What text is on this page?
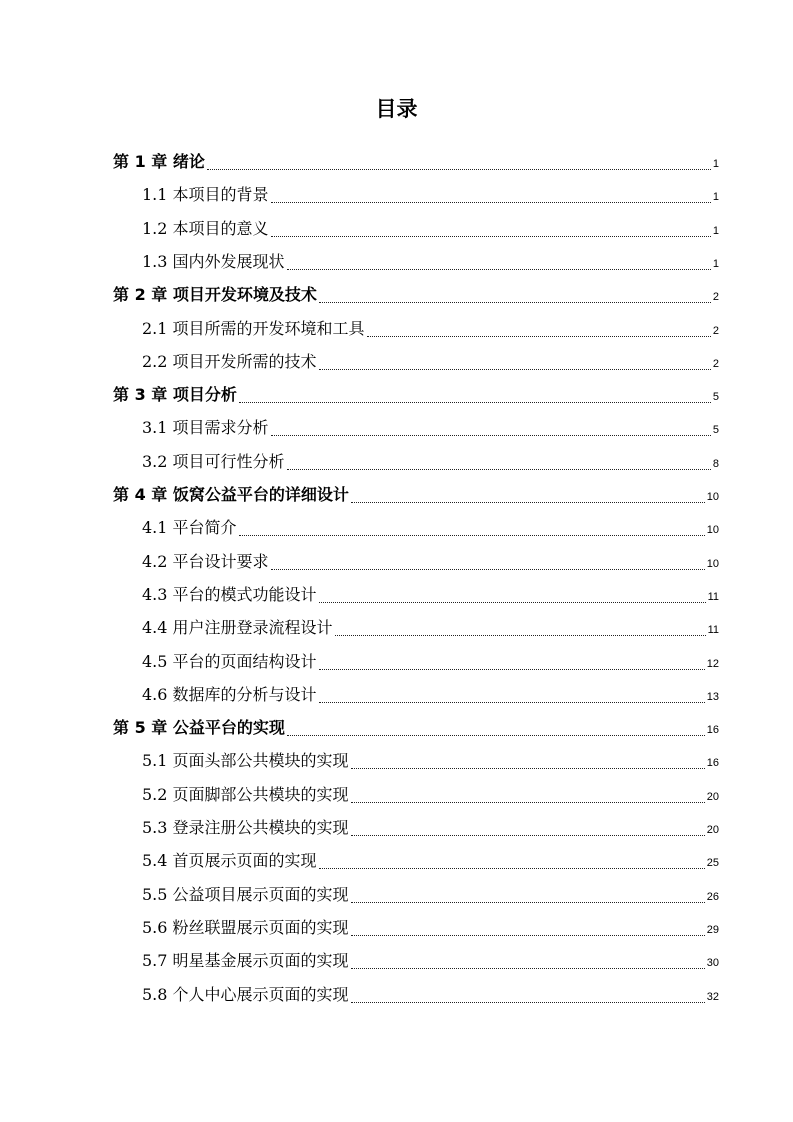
目录
第 1 章 绪论	1
1.1 本项目的背景	1
1.2 本项目的意义	1
1.3 国内外发展现状	1
第 2 章 项目开发环境及技术	2
2.1 项目所需的开发环境和工具	2
2.2 项目开发所需的技术	2
第 3 章 项目分析	5
3.1 项目需求分析	5
3.2 项目可行性分析	8
第 4 章 饭窝公益平台的详细设计	10
4.1 平台简介	10
4.2 平台设计要求	10
4.3 平台的模式功能设计	11
4.4 用户注册登录流程设计	11
4.5 平台的页面结构设计	12
4.6 数据库的分析与设计	13
第 5 章 公益平台的实现	16
5.1 页面头部公共模块的实现	16
5.2 页面脚部公共模块的实现	20
5.3 登录注册公共模块的实现	20
5.4 首页展示页面的实现	25
5.5 公益项目展示页面的实现	26
5.6 粉丝联盟展示页面的实现	29
5.7 明星基金展示页面的实现	30
5.8 个人中心展示页面的实现	32
